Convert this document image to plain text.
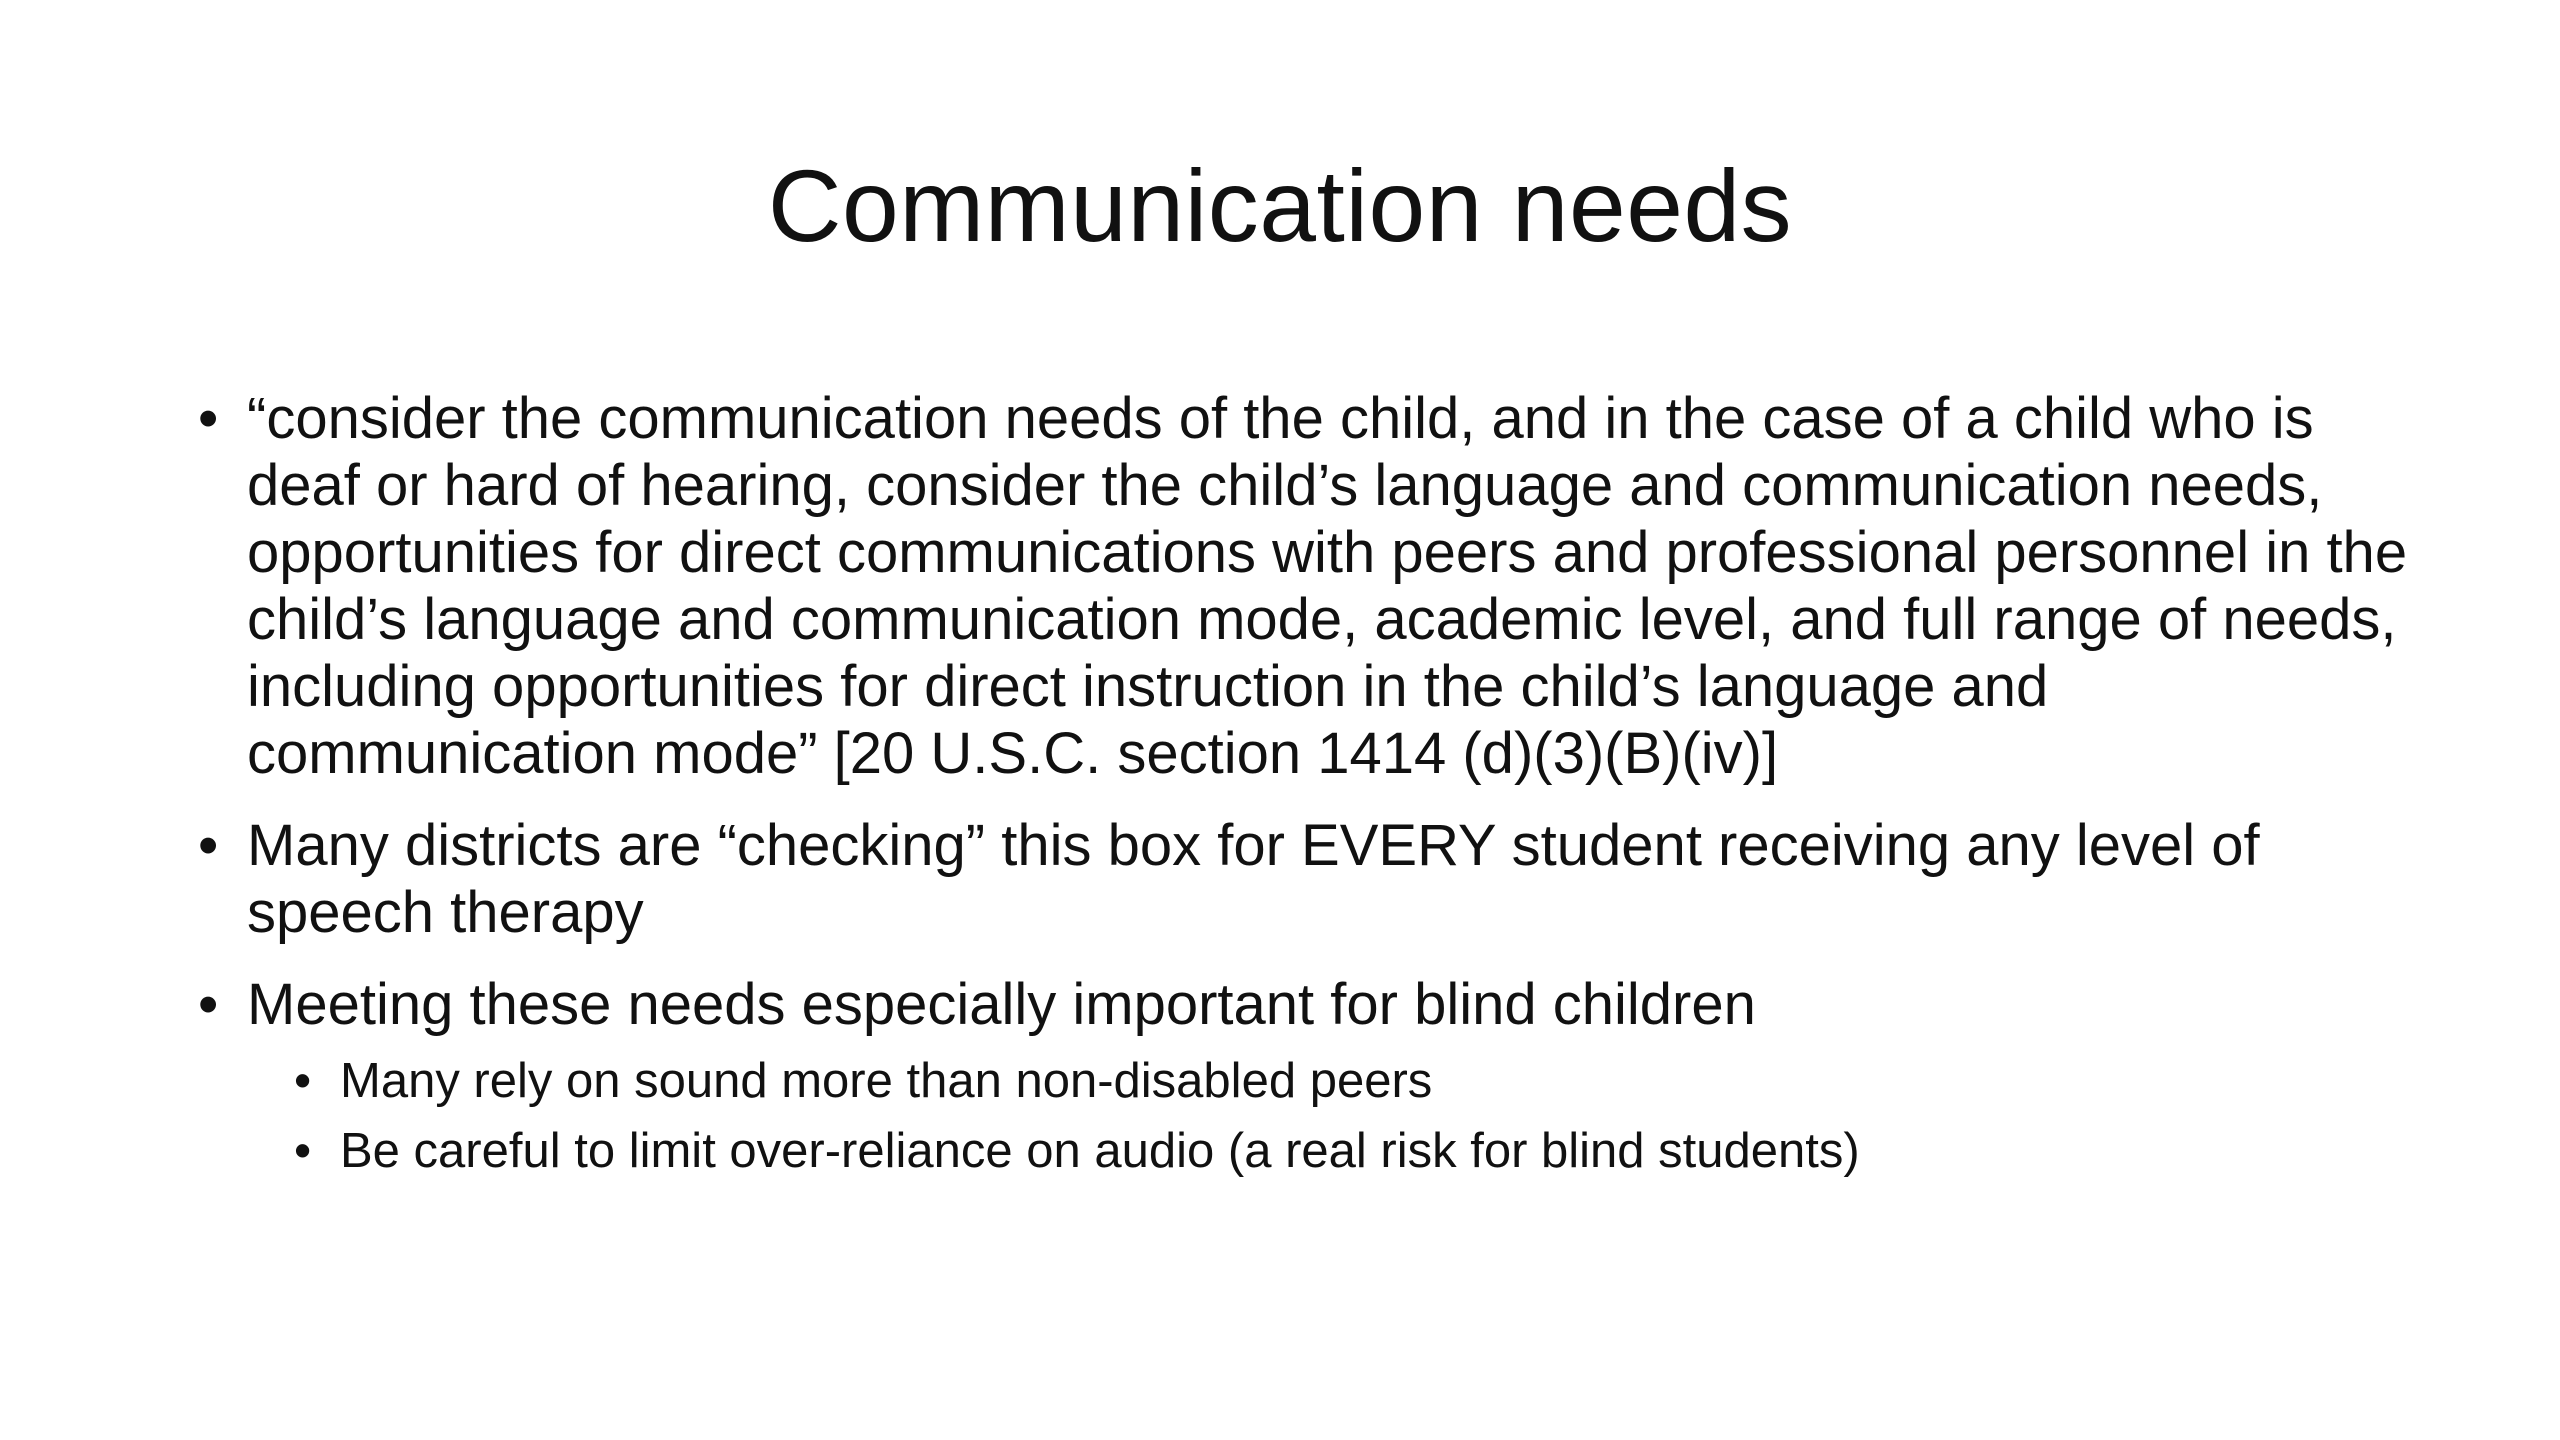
Communication needs
• “consider the communication needs of the child, and in the case of a child who is deaf or hard of hearing, consider the child’s language and communication needs, opportunities for direct communications with peers and professional personnel in the child’s language and communication mode, academic level, and full range of needs, including opportunities for direct instruction in the child’s language and communication mode” [20 U.S.C. section 1414 (d)(3)(B)(iv)]
• Many districts are “checking” this box for EVERY student receiving any level of speech therapy
• Meeting these needs especially important for blind children
• Many rely on sound more than non-disabled peers
• Be careful to limit over-reliance on audio (a real risk for blind students)
